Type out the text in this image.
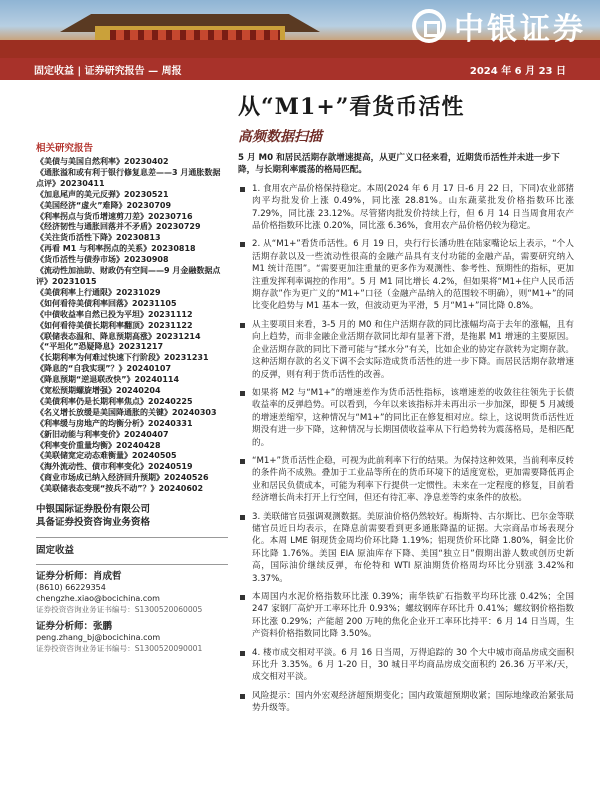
中银证券
固定收益 | 证券研究报告 — 周报	2024 年 6 月 23 日
从“M1+”看货币活性
高频数据扫描
相关研究报告
《美债与美国自然利率》20230402
《通胀溢和或有利于银行修复息差——3 月通胀数据点评》20230411
《加息尾声的美元反弹》20230521
《美国经济“虚火”难降》20230709
《利率拐点与货币增速剪刀差》20230716
《经济韧性与通胀回落并不矛盾》20230729
《关注货币活性下降》20230813
《再看 M1 与利率拐点的关系》20230818
《货币活性与债券市场》20230908
《流动性加油助、财政仍有空间——9 月金融数据点评》20231015
《美债利率上行通限》20231029
《如何看待美债利率回落》20231105
《中债收益率自然已投为平坦》20231112
《如何看待美债长期利率翻顶》20231122
《联储表态温和、降息预期高涨》20231214
《“平坦化”恐疑降息》20231217
《长期利率为何难过快速下行阶段》20231231
《降息的“自我实现”？》20240107
《降息预期“逆退联改快”》20240114
《宽松预期螺旋增强》20240204
《美债利率仍是长期利率焦点》20240225
《名义增长放缓是美国降通胀的关键》20240303
《利率缓与房地产的均衡分析》20240331
《新旧动能与利率变价》20240407
《利率变价重量均衡》20240428
《美联储宽定动态难衡量》20240505
《海外流动性、债市利率变化》20240519
《商业市场成已纳入经济回升预期》20240526
《美联储表态变现“按兵不动”？》20240602
中银国际证券股份有限公司
具备证券投资咨询业务资格
固定收益
证券分析师：肖成哲
(8610) 66229354
chengzhe.xiao@bocichina.com
证券投资咨询业务证书编号：S1300520060005
证券分析师：张鹏
peng.zhang_bj@bocichina.com
证券投资咨询业务证书编号：S1300520090001
5 月 M0 和居民活期存款增速提高，从更广义口径来看，近期货币活性并未进一步下降，与长期利率震荡的格局匹配。
1. 食用农产品价格保持稳定。本周(2024 年 6 月 17 日-6 月 22 日，下同)农业部猪肉平均批发价上涨 0.49%，同比涨 28.81%。山东蔬菜批发价格指数环比涨 7.29%，同比涨 23.12%。尽管猪肉批发价持续上行，但 6 月 14 日当周食用农产品价格指数环比涨 0.20%，同比涨 6.36%，食用农产品价格仍较为稳定。
2. 从“M1+”看货币活性。6 月 19 日，央行行长潘功胜在陆家嘴论坛上表示，“个人活期存款以及一些流动性很高的金融产品具有支付功能的金融产品，需要研究纳入 M1 统计范围”。“需要更加注重量的更多作为观测性、参考性、预期性的指标，更加注重发挥利率调控的作用”。5 月 M1 同比增长 4.2%，但如果将“M1+住户人民币活期存款”作为更广义的“M1+”口径（金融产品纳入的范围较不明确），则“M1+”的同比变化趋势与 M1 基本一致，但波动更为平滑，5 月“M1+”同比降 0.8%。
从主要项目来看，3-5 月的 M0 和住户活期存款的同比涨幅均高于去年的涨幅，且有向上趋势，而非金融企业活期存款同比却有显著下滑，是拖累 M1 增速的主要原因。企业活期存款的同比下滑可能与“揉水分”有关，比如企业的协定存款转为定期存款。这种活期存款的名义下调不会实际造成货币活性的进一步下降。而居民活期存款增速的反弹，则有利于货币活性的改善。
如果将 M2 与“M1+”的增速差作为货币活性指标，该增速差的收敛往往领先于长债收益率的反弹趋势。可以看到，今年以来该指标并未再出示一步加深，即便 5 月减缓的增速差缩窄，这种情况与“M1+”的同比正在修复相对应。综上，这说明货币活性近期没有进一步下降，这种情况与长期国债收益率从下行趋势转为震荡格局，是相匹配的。
“M1+”货币活性企稳，可视为此前利率下行的结果。为保持这种效果，当前利率反转的条件尚不成熟。叠加于工业品等所在的货币环境下的适度宽松，更加需要降低再企业和居民负债成本，可能为利率下行提供一定惯性。未来在一定程度的修复，目前看经济增长尚未打开上行空间，但还有待汇率、净息差等约束条件的放松。
3. 美联储官员强调观测数据。美原油价格仍然较好。梅斯特、古尔斯比、巴尔金等联储官员近日均表示，在降息前需要看到更多通胀降温的证据。大宗商品市场表现分化。本周 LME 铜现货金周均价环比降 1.19%；铝现货价环比降 1.80%，铜金比价环比降 1.76%。美国 EIA 原油库存下降、美国“独立日”假期出游人数或创历史新高，国际油价继续反弹，布伦特和 WTI 原油期货价格周均环比分别涨 3.42%和 3.37%。
本周国内水泥价格指数环比涨 0.39%；南华铁矿石指数平均环比涨 0.42%；全国 247 家钢厂高炉开工率环比升 0.93%；螺纹钢库存环比升 0.41%；螺纹钢价格指数环比涨 0.29%；产能超 200 万吨的焦化企业开工率环比持平：6 月 14 日当周，生产资料价格指数同比降 3.50%。
4. 楼市成交相对平淡。6 月 16 日当周，万得追踪的 30 个大中城市商品房成交面积环比升 3.35%。6 月 1-20 日，30 城日平均商品房成交面积约 26.36 万平米/天，成交相对平淡。
风险提示：国内外宏观经济超预期变化；国内政策超预期收紧；国际地缘政治紧张局势升级等。
